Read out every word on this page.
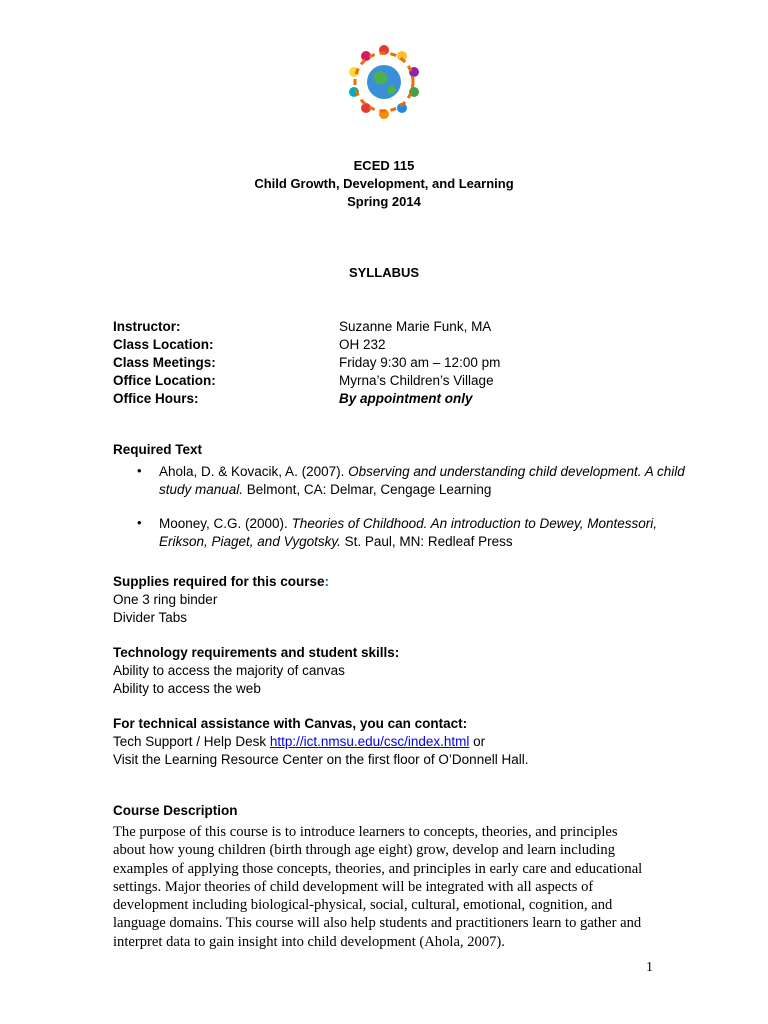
ECED 115
Child Growth, Development, and Learning
Spring 2014
SYLLABUS
Instructor:	Suzanne Marie Funk, MA
Class Location:	OH 232
Class Meetings:	Friday 9:30 am – 12:00 pm
Office Location:	Myrna’s Children’s Village
Office Hours:	By appointment only
Required Text
• Ahola, D. & Kovacik, A. (2007). Observing and understanding child development. A child
study manual. Belmont, CA: Delmar, Cengage Learning
• Mooney, C.G. (2000). Theories of Childhood. An introduction to Dewey, Montessori,
Erikson, Piaget, and Vygotsky. St. Paul, MN: Redleaf Press
Supplies required for this course:
One 3 ring binder
Divider Tabs
Technology requirements and student skills:
Ability to access the majority of canvas
Ability to access the web
For technical assistance with Canvas, you can contact:
Tech Support / Help Desk http://ict.nmsu.edu/csc/index.html or
Visit the Learning Resource Center on the first floor of O’Donnell Hall.
Course Description
The purpose of this course is to introduce learners to concepts, theories, and principles about how young children (birth through age eight) grow, develop and learn including examples of applying those concepts, theories, and principles in early care and educational settings. Major theories of child development will be integrated with all aspects of development including biological-physical, social, cultural, emotional, cognition, and language domains. This course will also help students and practitioners learn to gather and interpret data to gain insight into child development (Ahola, 2007).
1
